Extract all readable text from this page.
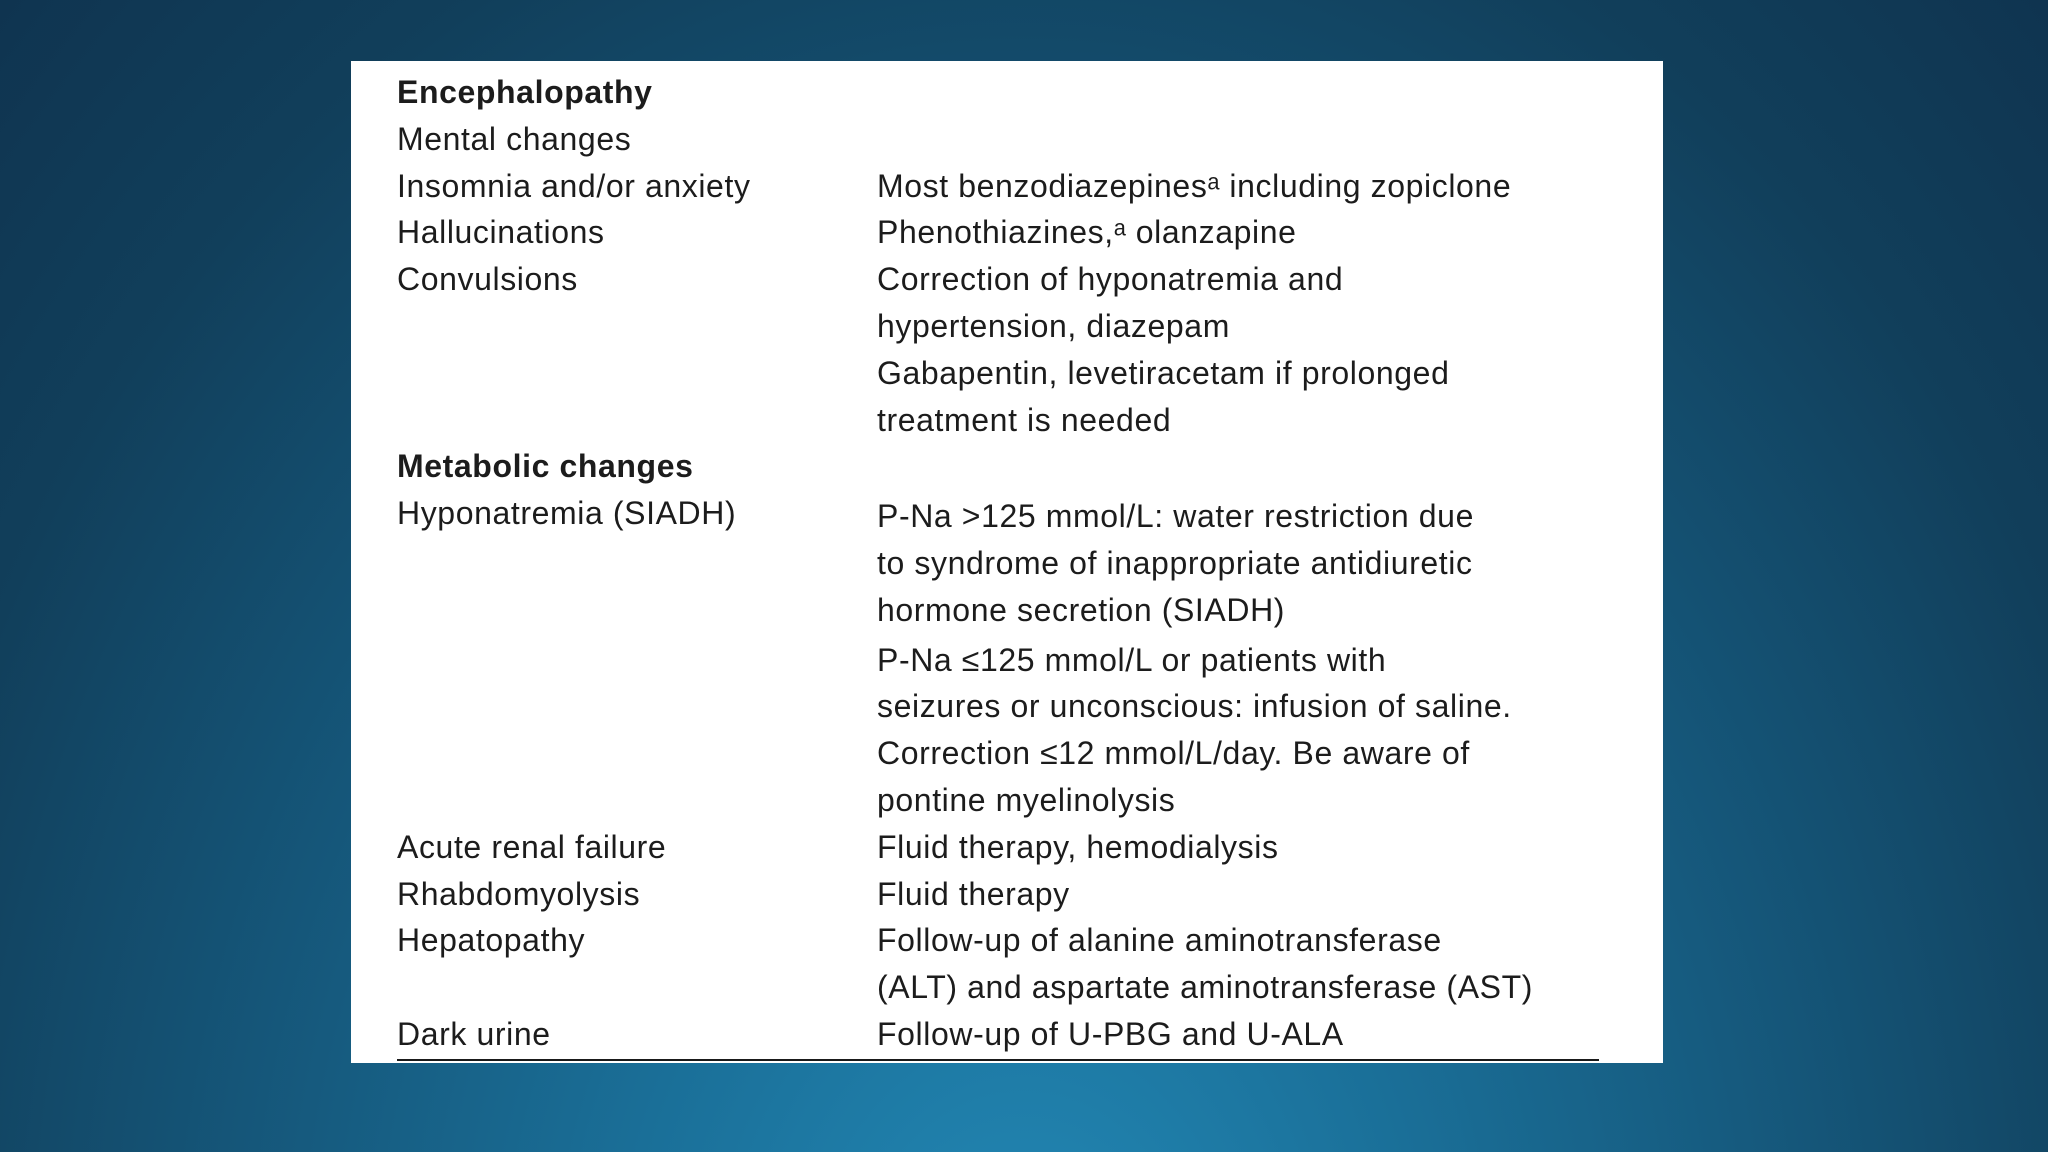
Encephalopathy
Mental changes
Insomnia and/or anxiety	Most benzodiazepinesᵃ including zopiclone
Hallucinations	Phenothiazines,ᵃ olanzapine
Convulsions	Correction of hyponatremia and
hypertension, diazepam
Gabapentin, levetiracetam if prolonged
treatment is needed
Metabolic changes
Hyponatremia (SIADH)	P-Na >125 mmol/L: water restriction due
to syndrome of inappropriate antidiuretic
hormone secretion (SIADH)
P-Na ≤125 mmol/L or patients with
seizures or unconscious: infusion of saline.
Correction ≤12 mmol/L/day. Be aware of
pontine myelinolysis
Acute renal failure	Fluid therapy, hemodialysis
Rhabdomyolysis	Fluid therapy
Hepatopathy	Follow-up of alanine aminotransferase
(ALT) and aspartate aminotransferase (AST)
Dark urine	Follow-up of U-PBG and U-ALA
